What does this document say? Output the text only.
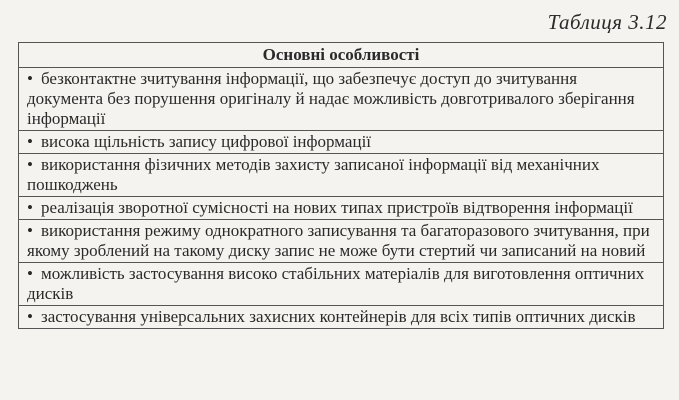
Таблиця 3.12
Основні особливості
• безконтактне зчитування інформації, що забезпечує доступ до зчитування документа без порушення оригіналу й надає можливість довготривалого зберігання інформації
• висока щільність запису цифрової інформації
• використання фізичних методів захисту записаної інформації від механічних пошкоджень
• реалізація зворотної сумісності на нових типах пристроїв відтворення інформації
• використання режиму однократного записування та багаторазового зчитування, при якому зроблений на такому диску запис не може бути стертий чи записаний на новий
• можливість застосування високо стабільних матеріалів для виготовлення оптичних дисків
• застосування універсальних захисних контейнерів для всіх типів оптичних дисків
